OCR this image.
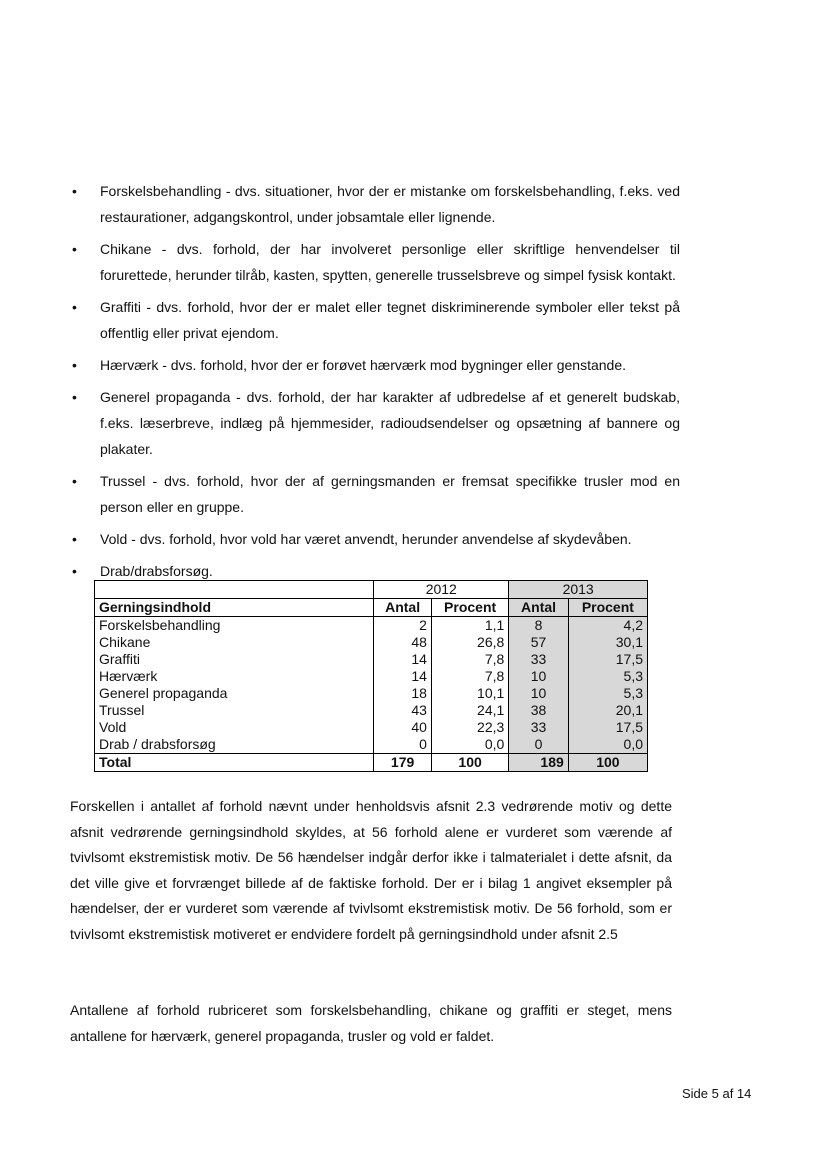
• Forskelsbehandling - dvs. situationer, hvor der er mistanke om forskelsbehandling, f.eks. ved restaurationer, adgangskontrol, under jobsamtale eller lignende.
• Chikane - dvs. forhold, der har involveret personlige eller skriftlige henvendelser til forurettede, herunder tilråb, kasten, spytten, generelle trusselsbreve og simpel fysisk kontakt.
• Graffiti - dvs. forhold, hvor der er malet eller tegnet diskriminerende symboler eller tekst på offentlig eller privat ejendom.
• Hærværk - dvs. forhold, hvor der er forøvet hærværk mod bygninger eller genstande.
• Generel propaganda - dvs. forhold, der har karakter af udbredelse af et generelt budskab, f.eks. læserbreve, indlæg på hjemmesider, radioudsendelser og opsætning af bannere og plakater.
• Trussel - dvs. forhold, hvor der af gerningsmanden er fremsat specifikke trusler mod en person eller en gruppe.
• Vold - dvs. forhold, hvor vold har været anvendt, herunder anvendelse af skydevåben.
• Drab/drabsforsøg.
	2012		2013	
Gerningsindhold	Antal	Procent	Antal	Procent
Forskelsbehandling	2	1,1	8	4,2
Chikane	48	26,8	57	30,1
Graffiti	14	7,8	33	17,5
Hærværk	14	7,8	10	5,3
Generel propaganda	18	10,1	10	5,3
Trussel	43	24,1	38	20,1
Vold	40	22,3	33	17,5
Drab / drabsforsøg	0	0,0	0	0,0
Total	179	100	189	100

Forskellen i antallet af forhold nævnt under henholdsvis afsnit 2.3 vedrørende motiv og dette afsnit vedrørende gerningsindhold skyldes, at 56 forhold alene er vurderet som værende af tvivlsomt ekstremistisk motiv. De 56 hændelser indgår derfor ikke i talmaterialet i dette afsnit, da det ville give et forvrænget billede af de faktiske forhold. Der er i bilag 1 angivet eksempler på hændelser, der er vurderet som værende af tvivlsomt ekstremistisk motiv. De 56 forhold, som er tvivlsomt ekstremistisk motiveret er endvidere fordelt på gerningsindhold under afsnit 2.5

Antallene af forhold rubriceret som forskelsbehandling, chikane og graffiti er steget, mens antallene for hærværk, generel propaganda, trusler og vold er faldet.

Side 5 af 14
